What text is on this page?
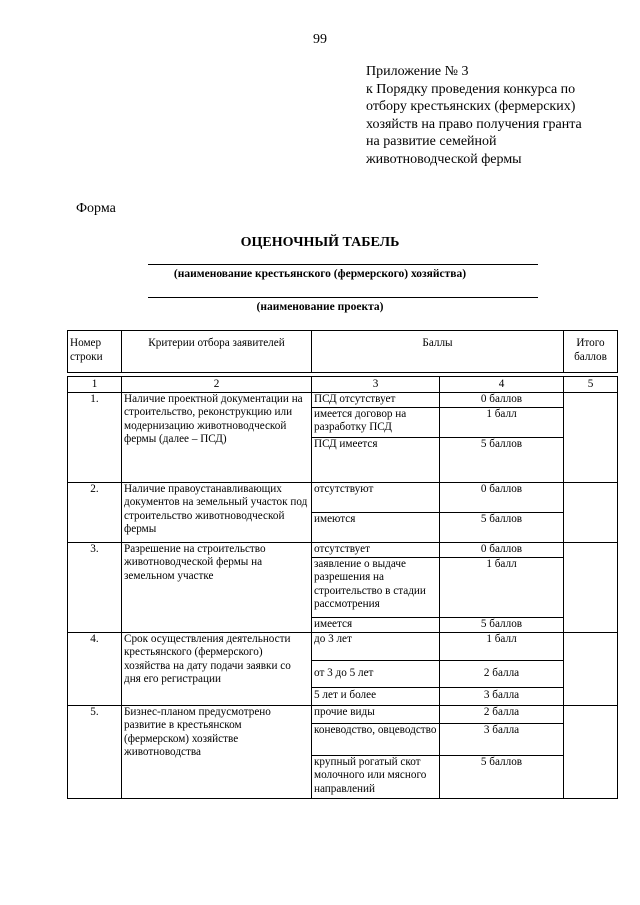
99
Приложение № 3
к Порядку проведения конкурса по
отбору крестьянских (фермерских)
хозяйств на право получения гранта
на развитие семейной
животноводческой фермы
Форма
ОЦЕНОЧНЫЙ ТАБЕЛЬ
(наименование крестьянского (фермерского) хозяйства)
(наименование проекта)
Номер строки	Критерии отбора заявителей	Баллы	Итого баллов
1	2	3	4	5
1.	Наличие проектной документации на строительство, реконструкцию или модернизацию животноводческой фермы (далее – ПСД)	ПСД отсутствует	0 баллов	
		имеется договор на разработку ПСД	1 балл	
		ПСД имеется	5 баллов	
2.	Наличие правоустанавливающих документов на земельный участок под строительство животноводческой фермы	отсутствуют	0 баллов	
		имеются	5 баллов	
3.	Разрешение на строительство животноводческой фермы на земельном участке	отсутствует	0 баллов	
		заявление о выдаче разрешения на строительство в стадии рассмотрения	1 балл	
		имеется	5 баллов	
4.	Срок осуществления деятельности крестьянского (фермерского) хозяйства на дату подачи заявки со дня его регистрации	до 3 лет	1 балл	
		от 3 до 5 лет	2 балла	
		5 лет и более	3 балла	
5.	Бизнес-планом предусмотрено развитие в крестьянском (фермерском) хозяйстве животноводства	прочие виды	2 балла	
		коневодство, овцеводство	3 балла	
		крупный рогатый скот молочного или мясного направлений	5 баллов	
